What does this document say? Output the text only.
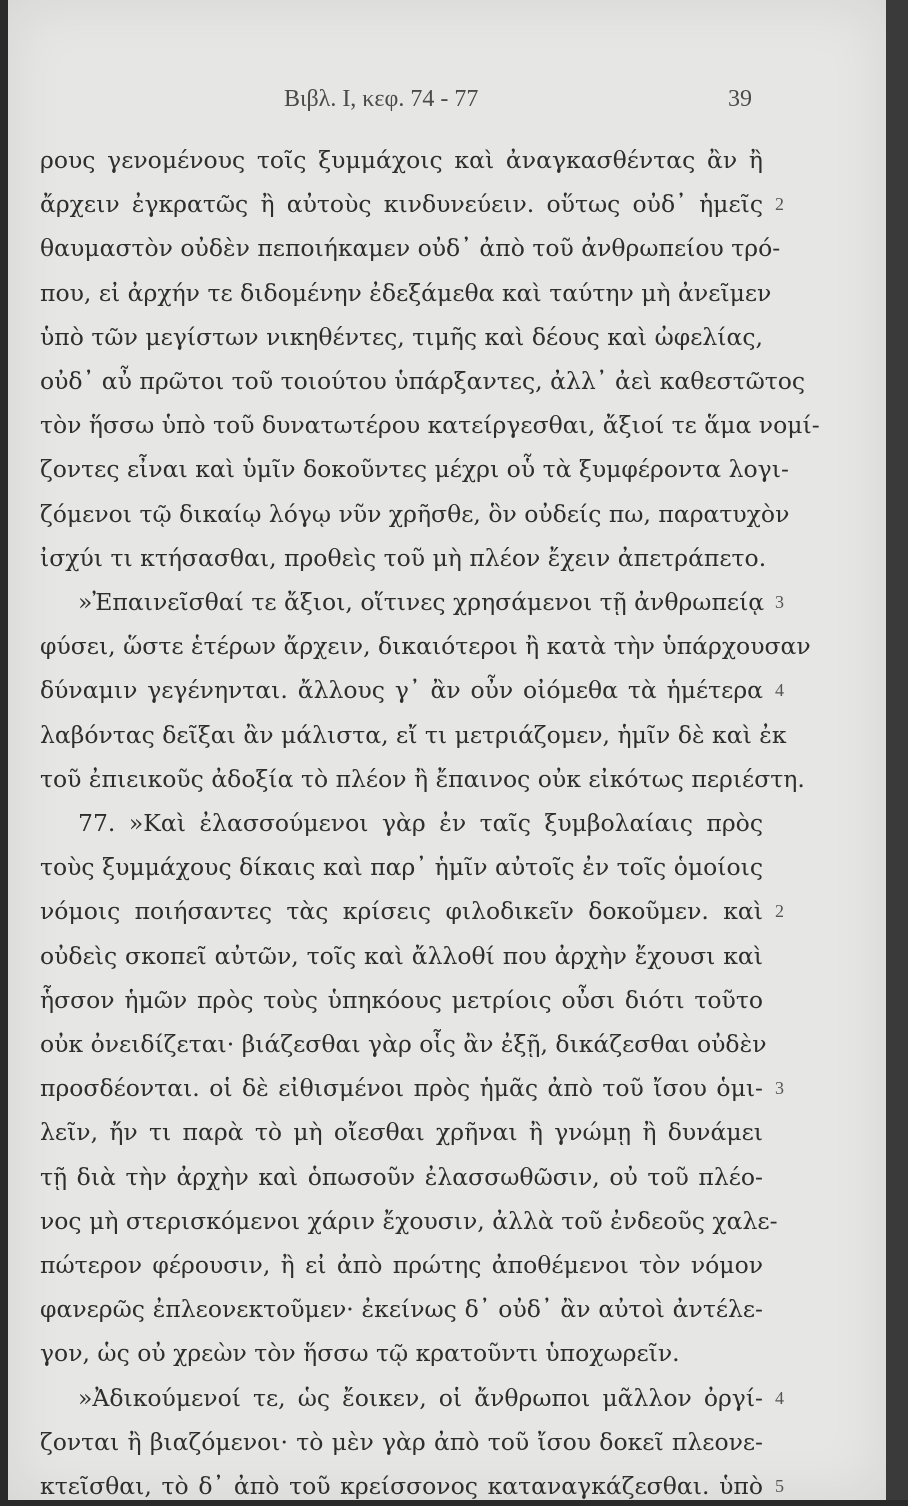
Βιβλ. I, κεφ. 74 - 77	39

ρους γενομένους τοῖς ξυμμάχοις καὶ ἀναγκασθέντας ἂν ἢ

ἄρχειν ἐγκρατῶς ἢ αὐτοὺς κινδυνεύειν. οὕτως οὐδ᾽ ἡμεῖς

θαυμαστὸν οὐδὲν πεποιήκαμεν οὐδ᾽ ἀπὸ τοῦ ἀνθρωπείου τρό-

που, εἰ ἀρχήν τε διδομένην ἐδεξάμεθα καὶ ταύτην μὴ ἀνεῖμεν

ὑπὸ τῶν μεγίστων νικηθέντες, τιμῆς καὶ δέους καὶ ὠφελίας,

οὐδ᾽ αὖ πρῶτοι τοῦ τοιούτου ὑπάρξαντες, ἀλλ᾽ ἀεὶ καθεστῶτος

τὸν ἥσσω ὑπὸ τοῦ δυνατωτέρου κατείργεσθαι, ἄξιοί τε ἅμα νομί-

ζοντες εἶναι καὶ ὑμῖν δοκοῦντες μέχρι οὗ τὰ ξυμφέροντα λογι-

ζόμενοι τῷ δικαίῳ λόγῳ νῦν χρῆσθε, ὃν οὐδείς πω, παρατυχὸν

ἰσχύι τι κτήσασθαι, προθεὶς τοῦ μὴ πλέον ἔχειν ἀπετράπετο.

»Ἐπαινεῖσθαί τε ἄξιοι, οἵτινες χρησάμενοι τῇ ἀνθρωπείᾳ

φύσει, ὥστε ἑτέρων ἄρχειν, δικαιότεροι ἢ κατὰ τὴν ὑπάρχουσαν

δύναμιν γεγένηνται. ἄλλους γ᾽ ἂν οὖν οἰόμεθα τὰ ἡμέτερα

λαβόντας δεῖξαι ἂν μάλιστα, εἴ τι μετριάζομεν, ἡμῖν δὲ καὶ ἐκ

τοῦ ἐπιεικοῦς ἀδοξία τὸ πλέον ἢ ἔπαινος οὐκ εἰκότως περιέστη.

77. »Καὶ ἐλασσούμενοι γὰρ ἐν ταῖς ξυμβολαίαις πρὸς

τοὺς ξυμμάχους δίκαις καὶ παρ᾽ ἡμῖν αὐτοῖς ἐν τοῖς ὁμοίοις

νόμοις ποιήσαντες τὰς κρίσεις φιλοδικεῖν δοκοῦμεν. καὶ

οὐδεὶς σκοπεῖ αὐτῶν, τοῖς καὶ ἄλλοθί που ἀρχὴν ἔχουσι καὶ

ἧσσον ἡμῶν πρὸς τοὺς ὑπηκόους μετρίοις οὖσι διότι τοῦτο

οὐκ ὀνειδίζεται· βιάζεσθαι γὰρ οἷς ἂν ἐξῇ, δικάζεσθαι οὐδὲν

προσδέονται. οἱ δὲ εἰθισμένοι πρὸς ἡμᾶς ἀπὸ τοῦ ἴσου ὁμι-

λεῖν, ἤν τι παρὰ τὸ μὴ οἴεσθαι χρῆναι ἢ γνώμῃ ἢ δυνάμει

τῇ διὰ τὴν ἀρχὴν καὶ ὁπωσοῦν ἐλασσωθῶσιν, οὐ τοῦ πλέο-

νος μὴ στερισκόμενοι χάριν ἔχουσιν, ἀλλὰ τοῦ ἐνδεοῦς χαλε-

πώτερον φέρουσιν, ἢ εἰ ἀπὸ πρώτης ἀποθέμενοι τὸν νόμον

φανερῶς ἐπλεονεκτοῦμεν· ἐκείνως δ᾽ οὐδ᾽ ἂν αὐτοὶ ἀντέλε-

γον, ὡς οὐ χρεὼν τὸν ἥσσω τῷ κρατοῦντι ὑποχωρεῖν.

»Ἀδικούμενοί τε, ὡς ἔοικεν, οἱ ἄνθρωποι μᾶλλον ὀργί-

ζονται ἢ βιαζόμενοι· τὸ μὲν γὰρ ἀπὸ τοῦ ἴσου δοκεῖ πλεονε-

κτεῖσθαι, τὸ δ᾽ ἀπὸ τοῦ κρείσσονος καταναγκάζεσθαι. ὑπὸ

2

3

4

2

3

4

5
